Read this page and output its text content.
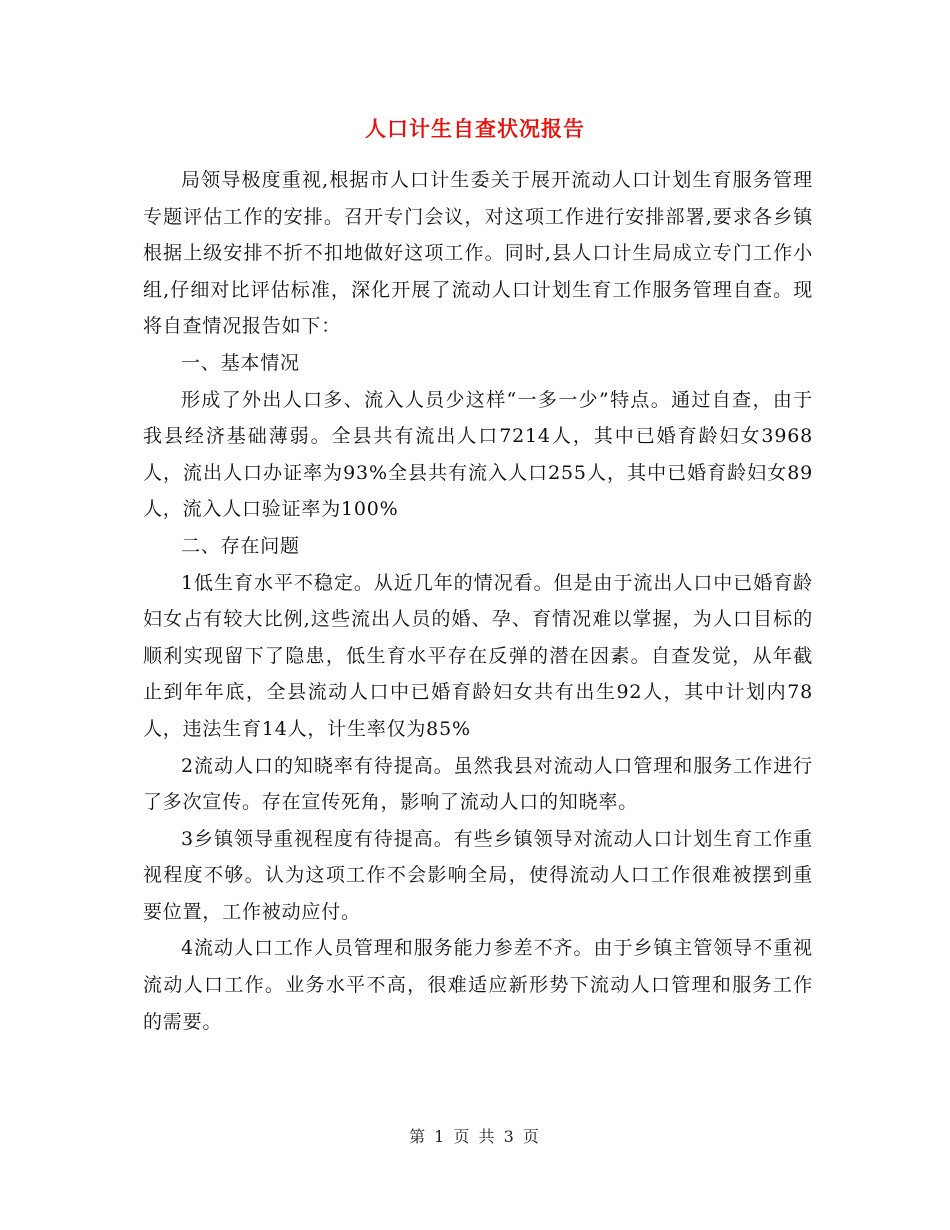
人口计生自查状况报告

局领导极度重视,根据市人口计生委关于展开流动人口计划生育服务管理专题评估工作的安排。召开专门会议，对这项工作进行安排部署,要求各乡镇根据上级安排不折不扣地做好这项工作。同时,县人口计生局成立专门工作小组,仔细对比评估标准，深化开展了流动人口计划生育工作服务管理自查。现将自查情况报告如下：

一、基本情况

形成了外出人口多、流入人员少这样“一多一少”特点。通过自查，由于我县经济基础薄弱。全县共有流出人口7214人，其中已婚育龄妇女3968人，流出人口办证率为93%全县共有流入人口255人，其中已婚育龄妇女89人，流入人口验证率为100%

二、存在问题

1低生育水平不稳定。从近几年的情况看。但是由于流出人口中已婚育龄妇女占有较大比例,这些流出人员的婚、孕、育情况难以掌握，为人口目标的顺利实现留下了隐患，低生育水平存在反弹的潜在因素。自查发觉，从年截止到年年底，全县流动人口中已婚育龄妇女共有出生92人，其中计划内78人，违法生育14人，计生率仅为85%

2流动人口的知晓率有待提高。虽然我县对流动人口管理和服务工作进行了多次宣传。存在宣传死角，影响了流动人口的知晓率。

3乡镇领导重视程度有待提高。有些乡镇领导对流动人口计划生育工作重视程度不够。认为这项工作不会影响全局，使得流动人口工作很难被摆到重要位置，工作被动应付。

4流动人口工作人员管理和服务能力参差不齐。由于乡镇主管领导不重视流动人口工作。业务水平不高，很难适应新形势下流动人口管理和服务工作的需要。

第 1 页 共 3 页
